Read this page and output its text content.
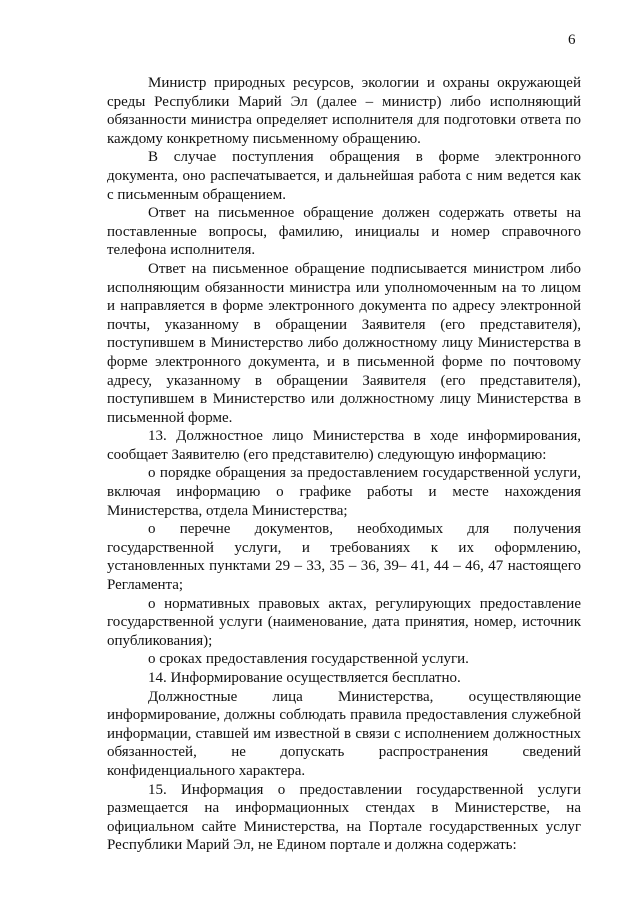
6

Министр природных ресурсов, экологии и охраны окружающей среды Республики Марий Эл (далее – министр) либо исполняющий обязанности министра определяет исполнителя для подготовки ответа по каждому конкретному письменному обращению.

В случае поступления обращения в форме электронного документа, оно распечатывается, и дальнейшая работа с ним ведется как с письменным обращением.

Ответ на письменное обращение должен содержать ответы на поставленные вопросы, фамилию, инициалы и номер справочного телефона исполнителя.

Ответ на письменное обращение подписывается министром либо исполняющим обязанности министра или уполномоченным на то лицом и направляется в форме электронного документа по адресу электронной почты, указанному в обращении Заявителя (его представителя), поступившем в Министерство либо должностному лицу Министерства в форме электронного документа, и в письменной форме по почтовому адресу, указанному в обращении Заявителя (его представителя), поступившем в Министерство или должностному лицу Министерства в письменной форме.

13. Должностное лицо Министерства в ходе информирования, сообщает Заявителю (его представителю) следующую информацию:

о порядке обращения за предоставлением государственной услуги, включая информацию о графике работы и месте нахождения Министерства, отдела Министерства;

о перечне документов, необходимых для получения государственной услуги, и требованиях к их оформлению, установленных пунктами 29 – 33, 35 – 36, 39– 41, 44 – 46, 47 настоящего Регламента;

о нормативных правовых актах, регулирующих предоставление государственной услуги (наименование, дата принятия, номер, источник опубликования);

о сроках предоставления государственной услуги.

14. Информирование осуществляется бесплатно.

Должностные лица Министерства, осуществляющие информирование, должны соблюдать правила предоставления служебной информации, ставшей им известной в связи с исполнением должностных обязанностей, не допускать распространения сведений конфиденциального характера.

15. Информация о предоставлении государственной услуги размещается на информационных стендах в Министерстве, на официальном сайте Министерства, на Портале государственных услуг Республики Марий Эл, не Едином портале и должна содержать:
